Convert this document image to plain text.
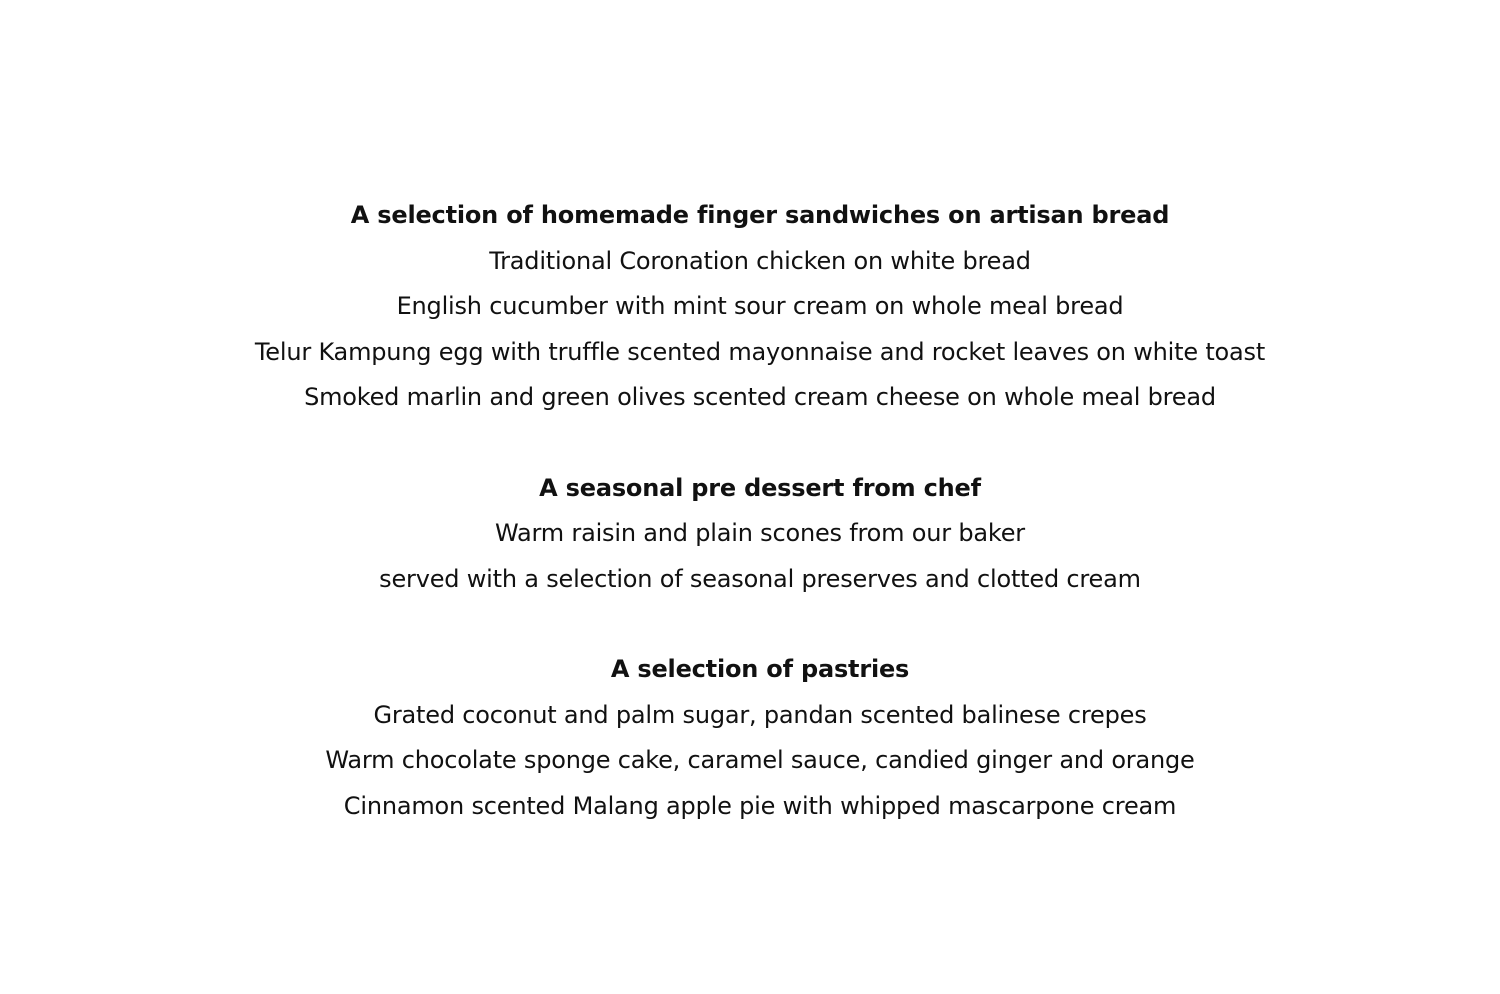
A selection of homemade finger sandwiches on artisan bread
Traditional Coronation chicken on white bread
English cucumber with mint sour cream on whole meal bread
Telur Kampung egg with truffle scented mayonnaise and rocket leaves on white toast
Smoked marlin and green olives scented cream cheese on whole meal bread
A seasonal pre dessert from chef
Warm raisin and plain scones from our baker
served with a selection of seasonal preserves and clotted cream
A selection of pastries
Grated coconut and palm sugar, pandan scented balinese crepes
Warm chocolate sponge cake, caramel sauce, candied ginger and orange
Cinnamon scented Malang apple pie with whipped mascarpone cream
